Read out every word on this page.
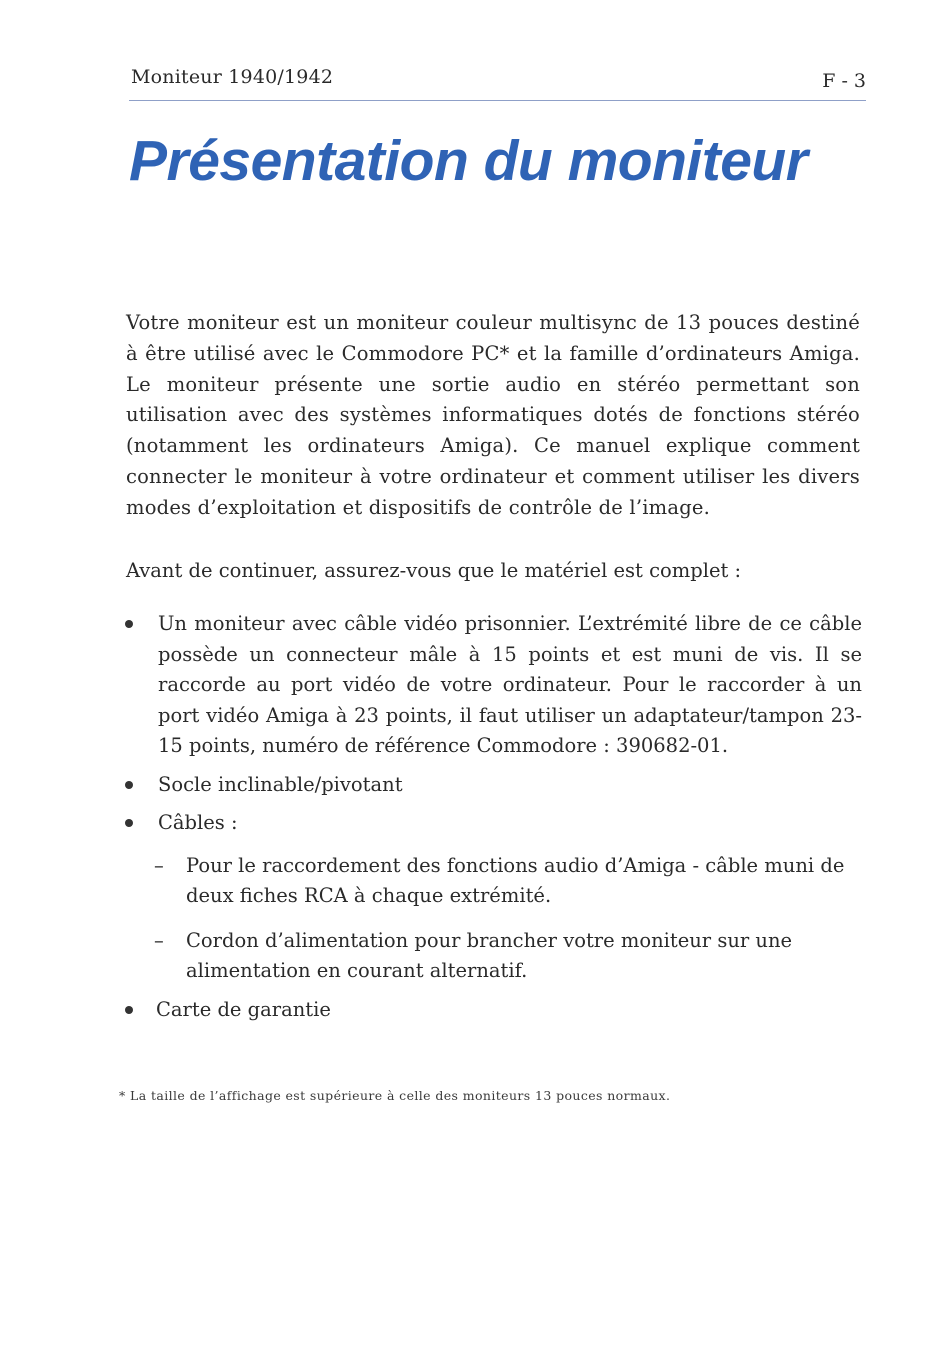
Moniteur 1940/1942	F - 3
Présentation du moniteur

Votre moniteur est un moniteur couleur multisync de 13 pouces destiné à être utilisé avec le Commodore PC* et la famille d’ordinateurs Amiga. Le moniteur présente une sortie audio en stéréo permettant son utilisation avec des systèmes informatiques dotés de fonctions stéréo (notamment les ordinateurs Amiga). Ce manuel explique comment connecter le moniteur à votre ordinateur et comment utiliser les divers modes d’exploitation et dispositifs de contrôle de l’image.

Avant de continuer, assurez-vous que le matériel est complet :

Un moniteur avec câble vidéo prisonnier. L’extrémité libre de ce câble possède un connecteur mâle à 15 points et est muni de vis. Il se raccorde au port vidéo de votre ordinateur. Pour le raccorder à un port vidéo Amiga à 23 points, il faut utiliser un adaptateur/tampon 23-15 points, numéro de référence Commodore : 390682-01.
Socle inclinable/pivotant
Câbles :
– Pour le raccordement des fonctions audio d’Amiga - câble muni de deux fiches RCA à chaque extrémité.
– Cordon d’alimentation pour brancher votre moniteur sur une alimentation en courant alternatif.
Carte de garantie
* La taille de l’affichage est supérieure à celle des moniteurs 13 pouces normaux.
